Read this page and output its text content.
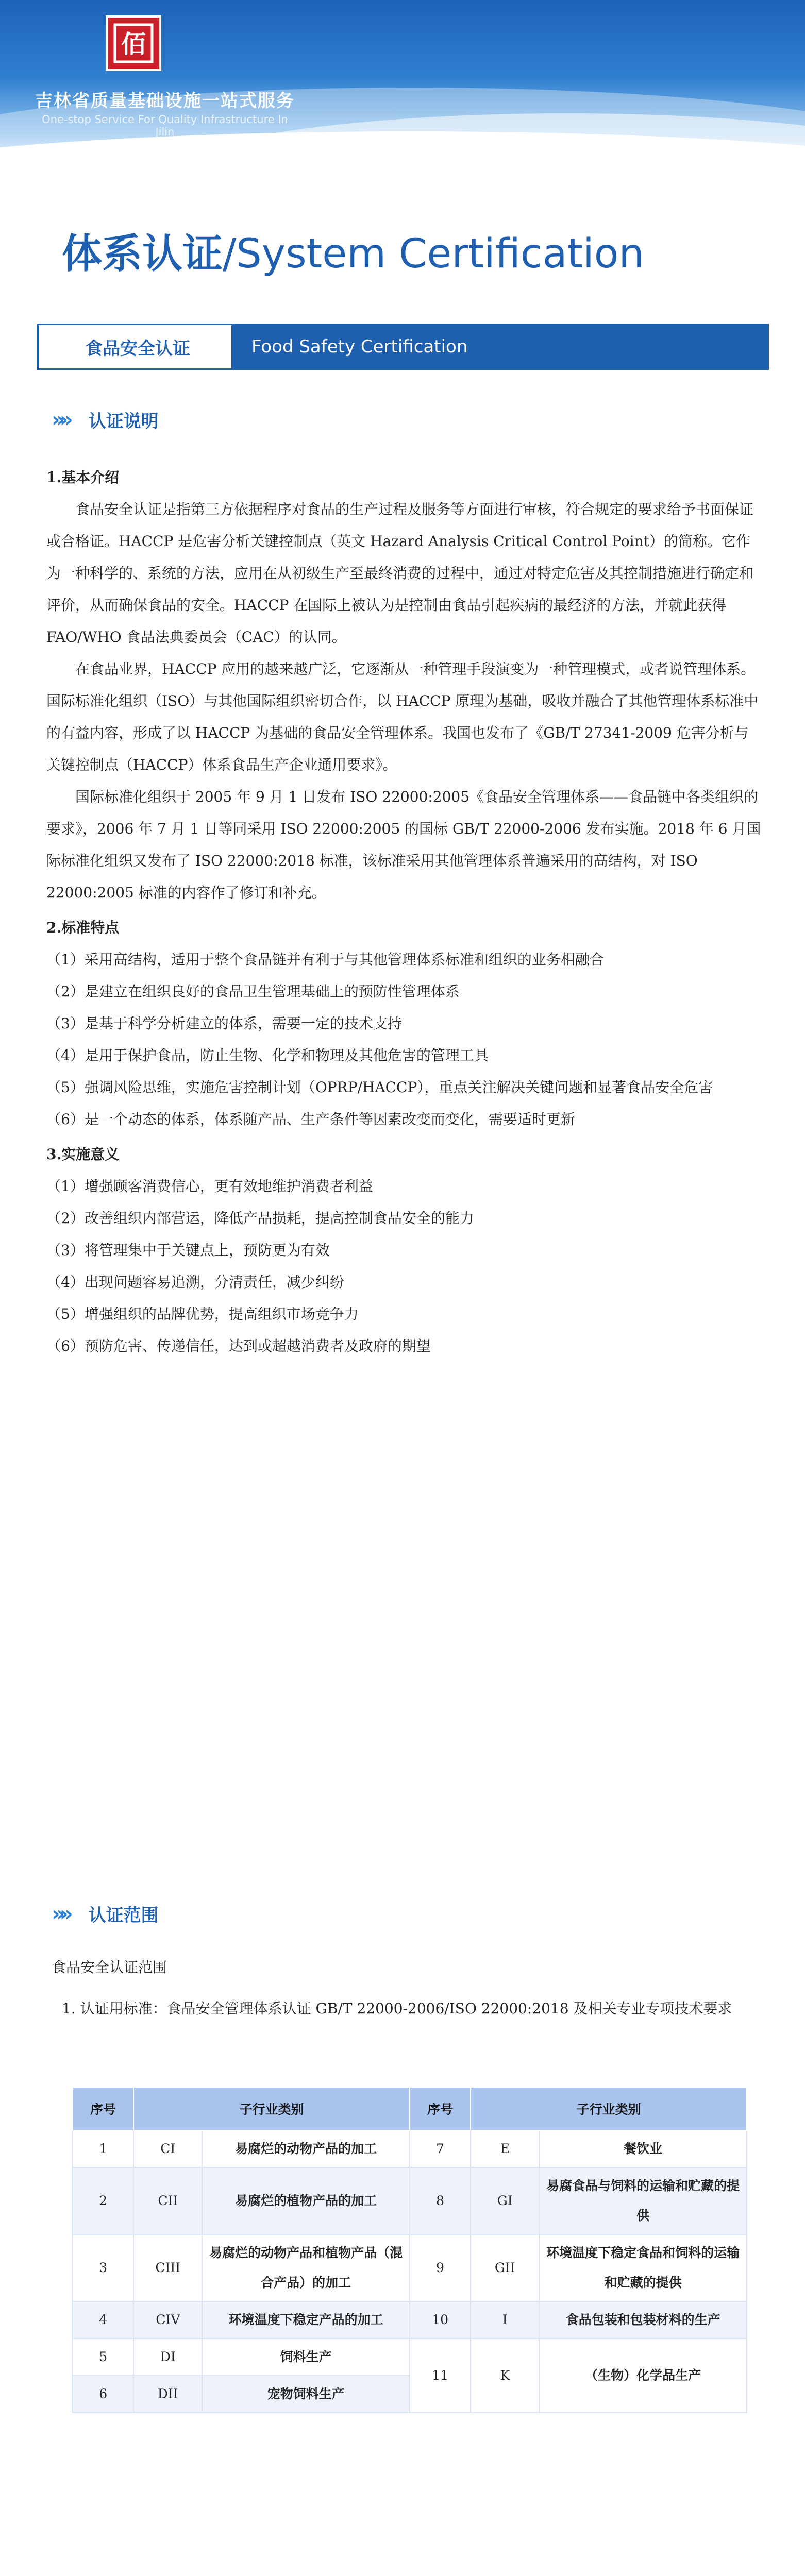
佰
吉林省质量基础设施一站式服务
One-stop Service For Quality Infrastructure In Jilin
体系认证/System Certification
食品安全认证	Food Safety Certification
»» 认证说明

1.基本介绍

食品安全认证是指第三方依据程序对食品的生产过程及服务等方面进行审核，符合规定的要求给予书面保证或合格证。HACCP 是危害分析关键控制点（英文 Hazard Analysis Critical Control Point）的简称。它作为一种科学的、系统的方法，应用在从初级生产至最终消费的过程中，通过对特定危害及其控制措施进行确定和评价，从而确保食品的安全。HACCP 在国际上被认为是控制由食品引起疾病的最经济的方法，并就此获得 FAO/WHO 食品法典委员会（CAC）的认同。

在食品业界，HACCP 应用的越来越广泛，它逐渐从一种管理手段演变为一种管理模式，或者说管理体系。国际标准化组织（ISO）与其他国际组织密切合作，以 HACCP 原理为基础，吸收并融合了其他管理体系标准中的有益内容，形成了以 HACCP 为基础的食品安全管理体系。我国也发布了《GB/T 27341-2009 危害分析与关键控制点（HACCP）体系食品生产企业通用要求》。

国际标准化组织于 2005 年 9 月 1 日发布 ISO 22000:2005《食品安全管理体系——食品链中各类组织的要求》，2006 年 7 月 1 日等同采用 ISO 22000:2005 的国标 GB/T 22000-2006 发布实施。2018 年 6 月国际标准化组织又发布了 ISO 22000:2018 标准，该标准采用其他管理体系普遍采用的高结构，对 ISO 22000:2005 标准的内容作了修订和补充。

2.标准特点

（1）采用高结构，适用于整个食品链并有利于与其他管理体系标准和组织的业务相融合

（2）是建立在组织良好的食品卫生管理基础上的预防性管理体系

（3）是基于科学分析建立的体系，需要一定的技术支持

（4）是用于保护食品，防止生物、化学和物理及其他危害的管理工具

（5）强调风险思维，实施危害控制计划（OPRP/HACCP），重点关注解决关键问题和显著食品安全危害

（6）是一个动态的体系，体系随产品、生产条件等因素改变而变化，需要适时更新

3.实施意义

（1）增强顾客消费信心，更有效地维护消费者利益

（2）改善组织内部营运，降低产品损耗，提高控制食品安全的能力

（3）将管理集中于关键点上，预防更为有效

（4）出现问题容易追溯，分清责任，减少纠纷

（5）增强组织的品牌优势，提高组织市场竞争力

（6）预防危害、传递信任，达到或超越消费者及政府的期望

»» 认证范围
食品安全认证范围
1. 认证用标准：食品安全管理体系认证 GB/T 22000-2006/ISO 22000:2018 及相关专业专项技术要求
序号	子行业类别		序号	子行业类别	
1	CI	易腐烂的动物产品的加工	7	E	餐饮业
2	CII	易腐烂的植物产品的加工	8	GI	易腐食品与饲料的运输和贮藏的提供
3	CIII	易腐烂的动物产品和植物产品（混合产品）的加工	9	GII	环境温度下稳定食品和饲料的运输和贮藏的提供
4	CIV	环境温度下稳定产品的加工	10	I	食品包装和包装材料的生产
5	DI	饲料生产	11	K	（生物）化学品生产
6	DII	宠物饲料生产			
